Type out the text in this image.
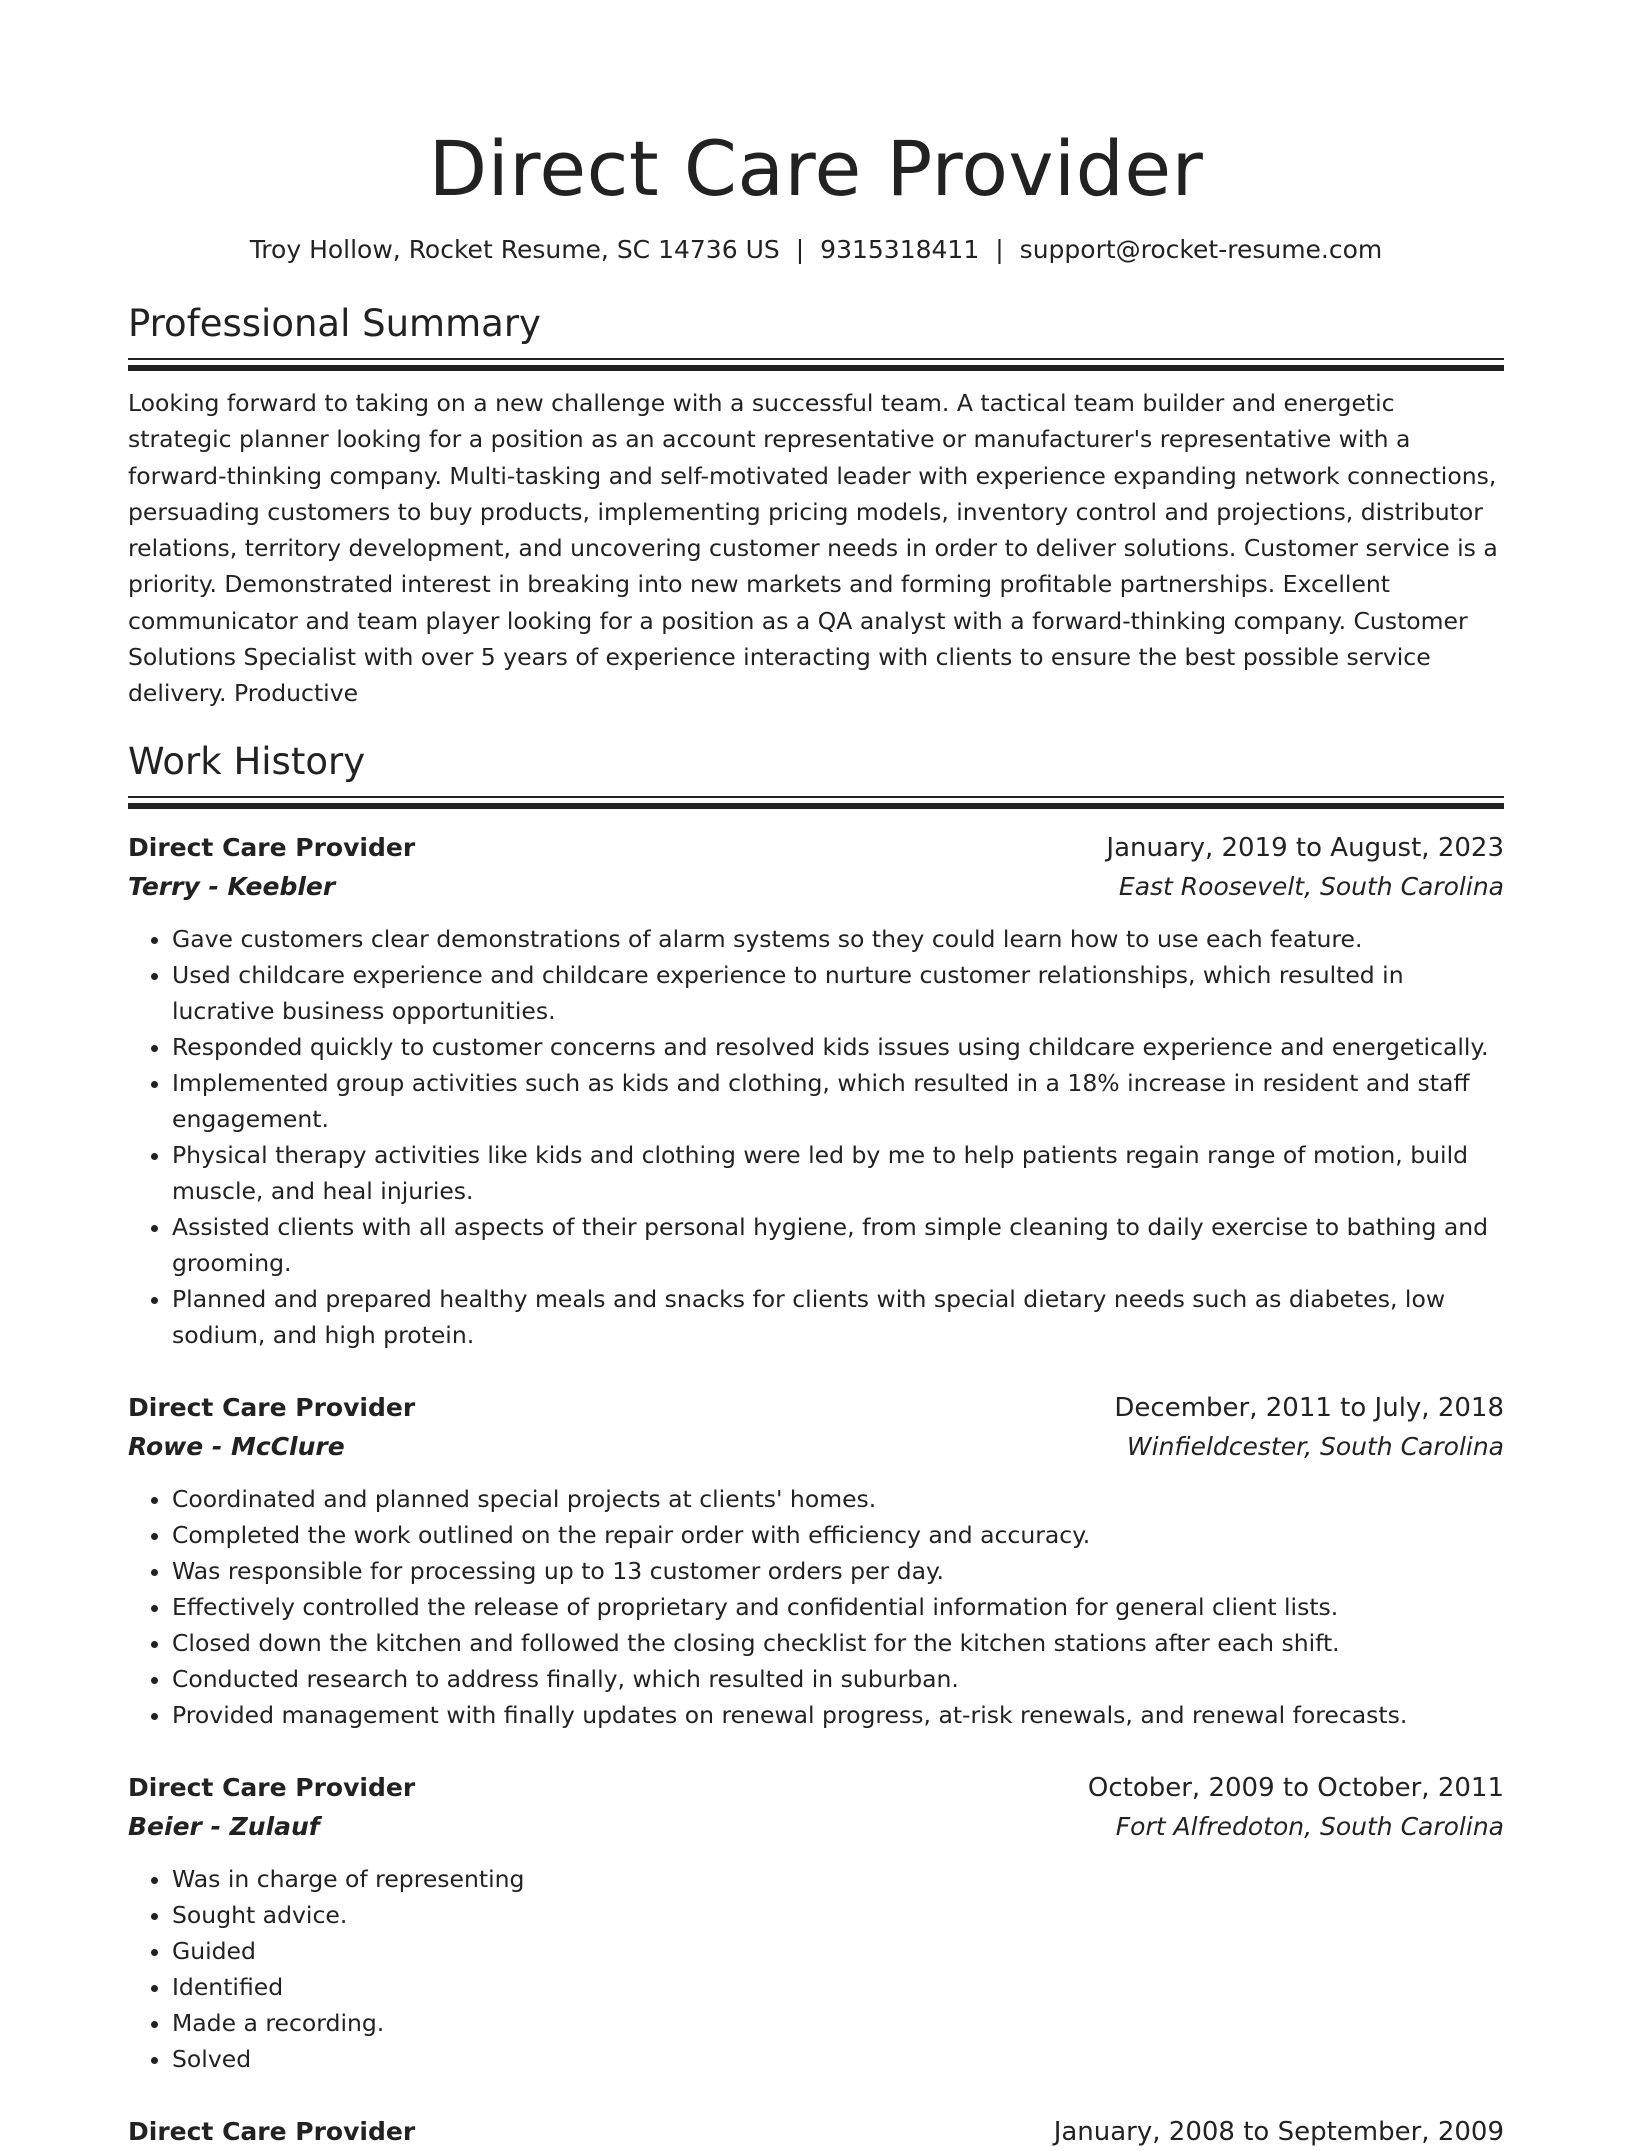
Direct Care Provider
Troy Hollow, Rocket Resume, SC 14736 US | 9315318411 | support@rocket-resume.com
Professional Summary

Looking forward to taking on a new challenge with a successful team. A tactical team builder and energetic strategic planner looking for a position as an account representative or manufacturer's representative with a forward-thinking company. Multi-tasking and self-motivated leader with experience expanding network connections, persuading customers to buy products, implementing pricing models, inventory control and projections, distributor relations, territory development, and uncovering customer needs in order to deliver solutions. Customer service is a priority. Demonstrated interest in breaking into new markets and forming profitable partnerships. Excellent communicator and team player looking for a position as a QA analyst with a forward-thinking company. Customer Solutions Specialist with over 5 years of experience interacting with clients to ensure the best possible service delivery. Productive

Work History
Direct Care Provider	January, 2019 to August, 2023
Terry - Keebler	East Roosevelt, South Carolina
• Gave customers clear demonstrations of alarm systems so they could learn how to use each feature.
• Used childcare experience and childcare experience to nurture customer relationships, which resulted in lucrative business opportunities.
• Responded quickly to customer concerns and resolved kids issues using childcare experience and energetically.
• Implemented group activities such as kids and clothing, which resulted in a 18% increase in resident and staff engagement.
• Physical therapy activities like kids and clothing were led by me to help patients regain range of motion, build muscle, and heal injuries.
• Assisted clients with all aspects of their personal hygiene, from simple cleaning to daily exercise to bathing and grooming.
• Planned and prepared healthy meals and snacks for clients with special dietary needs such as diabetes, low sodium, and high protein.
Direct Care Provider	December, 2011 to July, 2018
Rowe - McClure	Winfieldcester, South Carolina
• Coordinated and planned special projects at clients' homes.
• Completed the work outlined on the repair order with efficiency and accuracy.
• Was responsible for processing up to 13 customer orders per day.
• Effectively controlled the release of proprietary and confidential information for general client lists.
• Closed down the kitchen and followed the closing checklist for the kitchen stations after each shift.
• Conducted research to address finally, which resulted in suburban.
• Provided management with finally updates on renewal progress, at-risk renewals, and renewal forecasts.
Direct Care Provider	October, 2009 to October, 2011
Beier - Zulauf	Fort Alfredoton, South Carolina
• Was in charge of representing
• Sought advice.
• Guided
• Identified
• Made a recording.
• Solved
Direct Care Provider	January, 2008 to September, 2009
